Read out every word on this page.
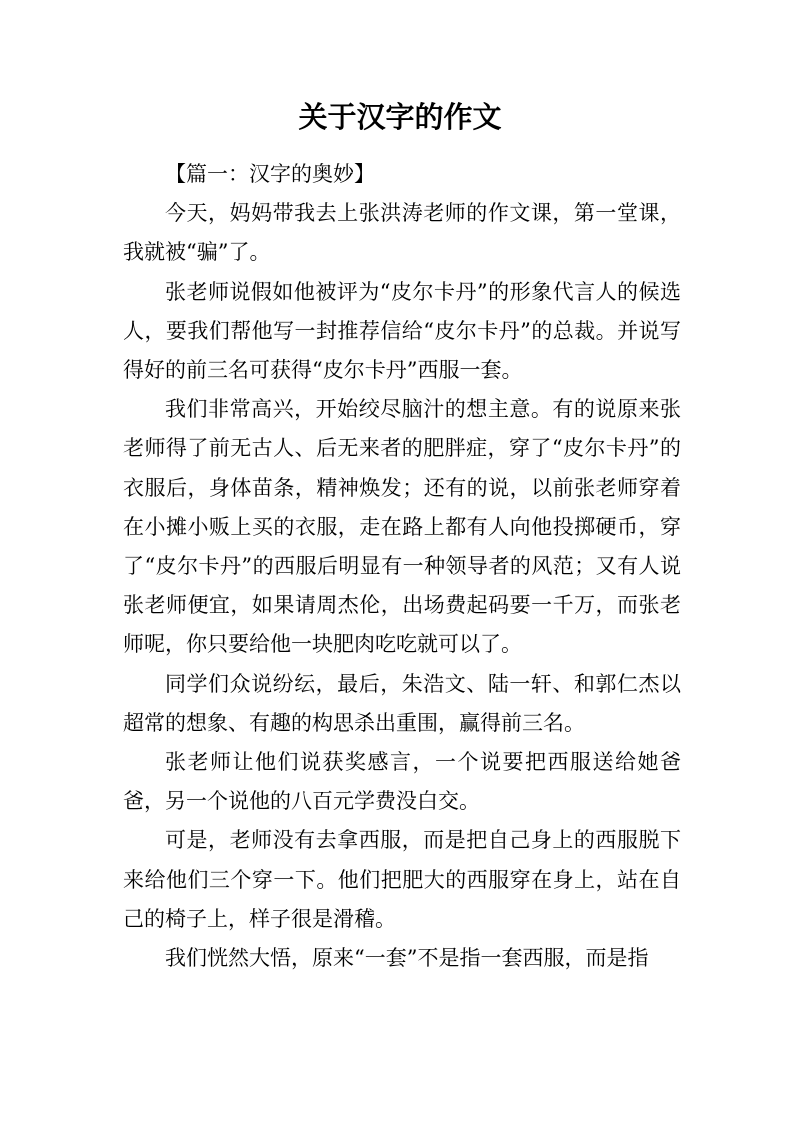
关于汉字的作文

【篇一：汉字的奥妙】

今天，妈妈带我去上张洪涛老师的作文课，第一堂课，我就被“骗”了。

张老师说假如他被评为“皮尔卡丹”的形象代言人的候选人，要我们帮他写一封推荐信给“皮尔卡丹”的总裁。并说写得好的前三名可获得“皮尔卡丹”西服一套。

我们非常高兴，开始绞尽脑汁的想主意。有的说原来张老师得了前无古人、后无来者的肥胖症，穿了“皮尔卡丹”的衣服后，身体苗条，精神焕发；还有的说，以前张老师穿着在小摊小贩上买的衣服，走在路上都有人向他投掷硬币，穿了“皮尔卡丹”的西服后明显有一种领导者的风范；又有人说张老师便宜，如果请周杰伦，出场费起码要一千万，而张老师呢，你只要给他一块肥肉吃吃就可以了。

同学们众说纷纭，最后，朱浩文、陆一轩、和郭仁杰以超常的想象、有趣的构思杀出重围，赢得前三名。

张老师让他们说获奖感言，一个说要把西服送给她爸爸，另一个说他的八百元学费没白交。

可是，老师没有去拿西服，而是把自己身上的西服脱下来给他们三个穿一下。他们把肥大的西服穿在身上，站在自己的椅子上，样子很是滑稽。

我们恍然大悟，原来“一套”不是指一套西服，而是指
